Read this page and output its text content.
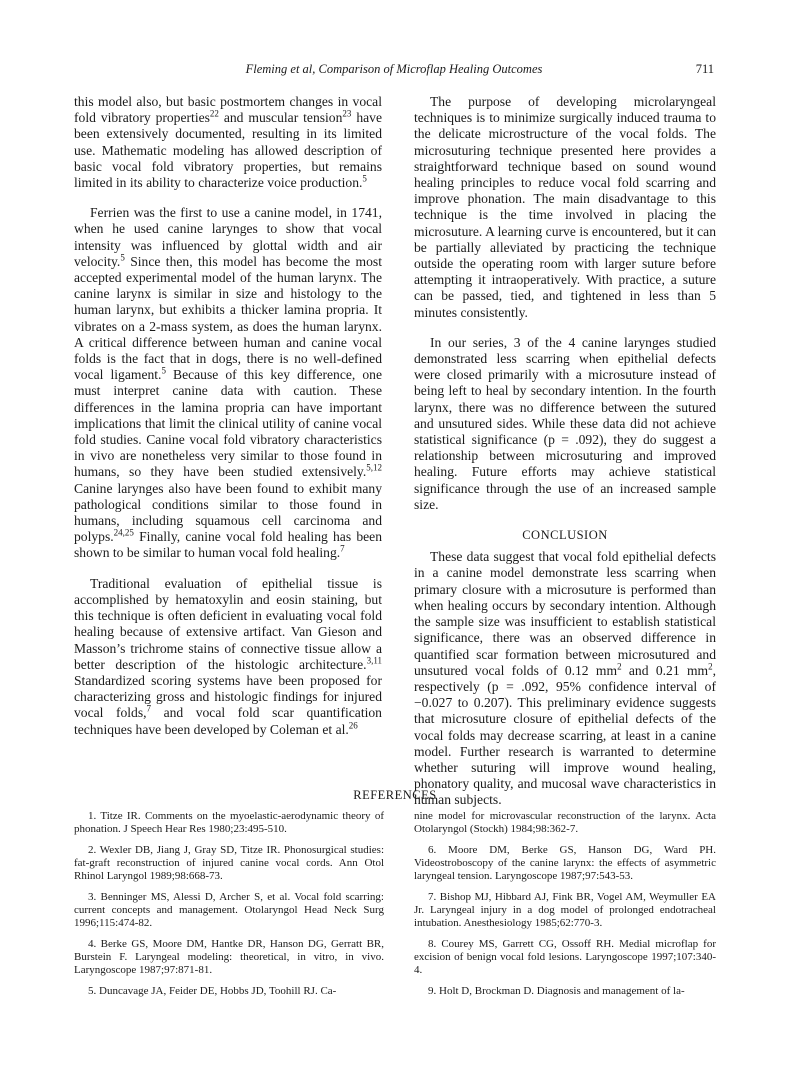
Fleming et al, Comparison of Microflap Healing Outcomes	711

this model also, but basic postmortem changes in vocal fold vibratory properties$^{22}$ and muscular tension$^{23}$ have been extensively documented, resulting in its limited use. Mathematic modeling has allowed description of basic vocal fold vibratory properties, but remains limited in its ability to characterize voice production.$^5$

Ferrien was the first to use a canine model, in 1741, when he used canine larynges to show that vocal intensity was influenced by glottal width and air velocity.$^5$ Since then, this model has become the most accepted experimental model of the human larynx. The canine larynx is similar in size and histology to the human larynx, but exhibits a thicker lamina propria. It vibrates on a 2-mass system, as does the human larynx. A critical difference between human and canine vocal folds is the fact that in dogs, there is no well-defined vocal ligament.$^5$ Because of this key difference, one must interpret canine data with caution. These differences in the lamina propria can have important implications that limit the clinical utility of canine vocal fold studies. Canine vocal fold vibratory characteristics in vivo are nonetheless very similar to those found in humans, so they have been studied extensively.$^{5,12}$ Canine larynges also have been found to exhibit many pathological conditions similar to those found in humans, including squamous cell carcinoma and polyps.$^{24,25}$ Finally, canine vocal fold healing has been shown to be similar to human vocal fold healing.$^7$

Traditional evaluation of epithelial tissue is accomplished by hematoxylin and eosin staining, but this technique is often deficient in evaluating vocal fold healing because of extensive artifact. Van Gieson and Masson’s trichrome stains of connective tissue allow a better description of the histologic architecture.$^{3,11}$ Standardized scoring systems have been proposed for characterizing gross and histologic findings for injured vocal folds,$^7$ and vocal fold scar quantification techniques have been developed by Coleman et al.$^{26}$

The purpose of developing microlaryngeal techniques is to minimize surgically induced trauma to the delicate microstructure of the vocal folds. The microsuturing technique presented here provides a straightforward technique based on sound wound healing principles to reduce vocal fold scarring and improve phonation. The main disadvantage to this technique is the time involved in placing the microsuture. A learning curve is encountered, but it can be partially alleviated by practicing the technique outside the operating room with larger suture before attempting it intraoperatively. With practice, a suture can be passed, tied, and tightened in less than 5 minutes consistently.

In our series, 3 of the 4 canine larynges studied demonstrated less scarring when epithelial defects were closed primarily with a microsuture instead of being left to heal by secondary intention. In the fourth larynx, there was no difference between the sutured and unsutured sides. While these data did not achieve statistical significance (p = .092), they do suggest a relationship between microsuturing and improved healing. Future efforts may achieve statistical significance through the use of an increased sample size.

CONCLUSION

These data suggest that vocal fold epithelial defects in a canine model demonstrate less scarring when primary closure with a microsuture is performed than when healing occurs by secondary intention. Although the sample size was insufficient to establish statistical significance, there was an observed difference in quantified scar formation between microsutured and unsutured vocal folds of 0.12 $mm^2$ and 0.21 $mm^2$, respectively (p = .092, 95% confidence interval of −0.027 to 0.207). This preliminary evidence suggests that microsuture closure of epithelial defects of the vocal folds may decrease scarring, at least in a canine model. Further research is warranted to determine whether suturing will improve wound healing, phonatory quality, and mucosal wave characteristics in human subjects.

REFERENCES

1. Titze IR. Comments on the myoelastic-aerodynamic theory of phonation. J Speech Hear Res 1980;23:495-510.

2. Wexler DB, Jiang J, Gray SD, Titze IR. Phonosurgical studies: fat-graft reconstruction of injured canine vocal cords. Ann Otol Rhinol Laryngol 1989;98:668-73.

3. Benninger MS, Alessi D, Archer S, et al. Vocal fold scarring: current concepts and management. Otolaryngol Head Neck Surg 1996;115:474-82.

4. Berke GS, Moore DM, Hantke DR, Hanson DG, Gerratt BR, Burstein F. Laryngeal modeling: theoretical, in vitro, in vivo. Laryngoscope 1987;97:871-81.

5. Duncavage JA, Feider DE, Hobbs JD, Toohill RJ. Ca-

nine model for microvascular reconstruction of the larynx. Acta Otolaryngol (Stockh) 1984;98:362-7.

6. Moore DM, Berke GS, Hanson DG, Ward PH. Videostroboscopy of the canine larynx: the effects of asymmetric laryngeal tension. Laryngoscope 1987;97:543-53.

7. Bishop MJ, Hibbard AJ, Fink BR, Vogel AM, Weymuller EA Jr. Laryngeal injury in a dog model of prolonged endotracheal intubation. Anesthesiology 1985;62:770-3.

8. Courey MS, Garrett CG, Ossoff RH. Medial microflap for excision of benign vocal fold lesions. Laryngoscope 1997;107:340-4.

9. Holt D, Brockman D. Diagnosis and management of la-
